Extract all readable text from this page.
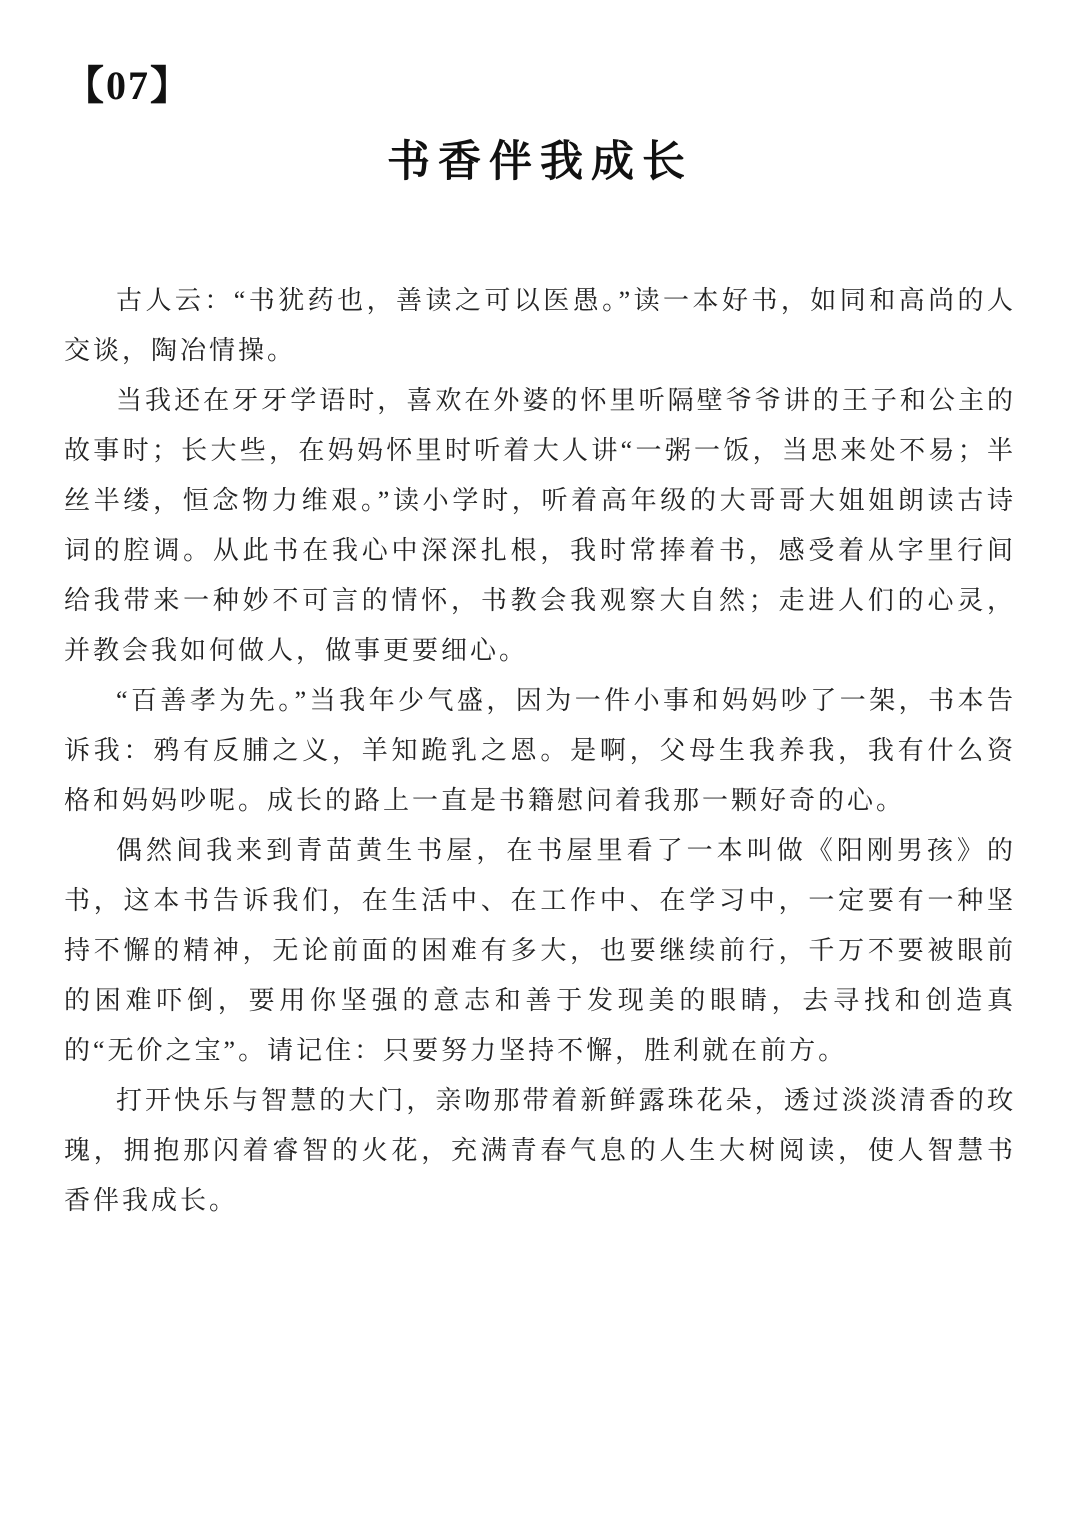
【07】
书香伴我成长

古人云：“书犹药也，善读之可以医愚。”读一本好书，如同和高尚的人交谈，陶冶情操。

当我还在牙牙学语时，喜欢在外婆的怀里听隔壁爷爷讲的王子和公主的故事时；长大些，在妈妈怀里时听着大人讲“一粥一饭，当思来处不易；半丝半缕，恒念物力维艰。”读小学时，听着高年级的大哥哥大姐姐朗读古诗词的腔调。从此书在我心中深深扎根，我时常捧着书，感受着从字里行间给我带来一种妙不可言的情怀，书教会我观察大自然；走进人们的心灵，并教会我如何做人，做事更要细心。

“百善孝为先。”当我年少气盛，因为一件小事和妈妈吵了一架，书本告诉我：鸦有反脯之义，羊知跪乳之恩。是啊，父母生我养我，我有什么资格和妈妈吵呢。成长的路上一直是书籍慰问着我那一颗好奇的心。

偶然间我来到青苗黄生书屋，在书屋里看了一本叫做《阳刚男孩》的书，这本书告诉我们，在生活中、在工作中、在学习中，一定要有一种坚持不懈的精神，无论前面的困难有多大，也要继续前行，千万不要被眼前的困难吓倒，要用你坚强的意志和善于发现美的眼睛，去寻找和创造真的“无价之宝”。请记住：只要努力坚持不懈，胜利就在前方。

打开快乐与智慧的大门，亲吻那带着新鲜露珠花朵，透过淡淡清香的玫瑰，拥抱那闪着睿智的火花，充满青春气息的人生大树阅读，使人智慧书香伴我成长。
